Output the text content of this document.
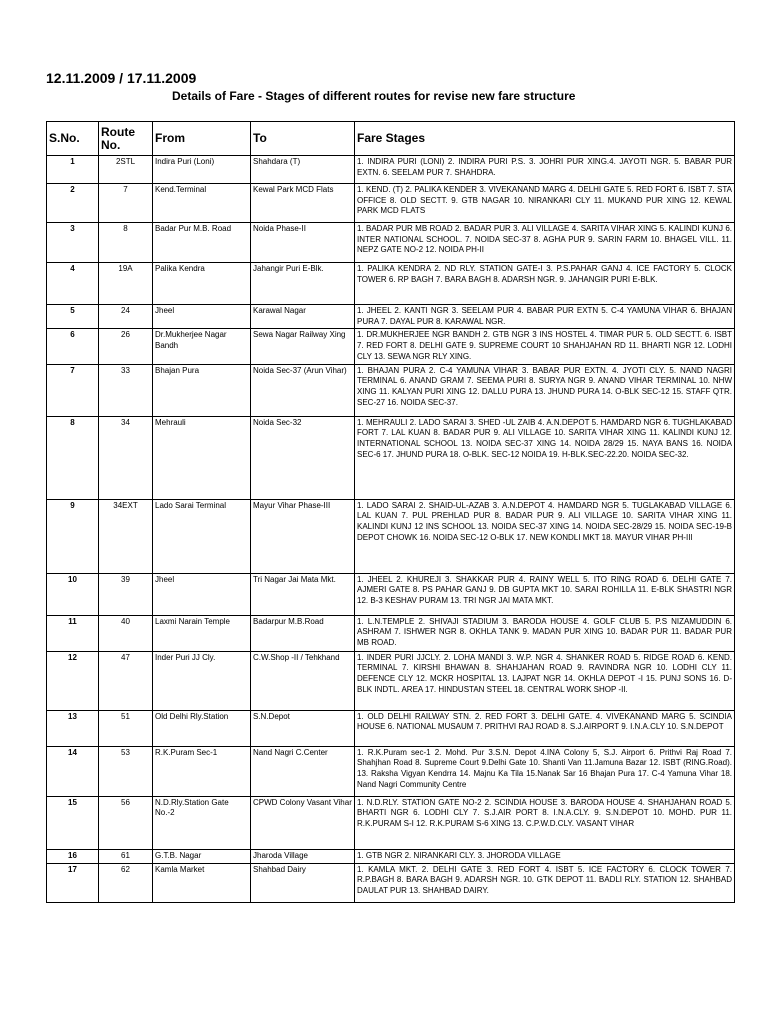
12.11.2009 / 17.11.2009
Details of Fare - Stages of different routes for revise new fare structure
S.No.	Route No.	From	To	Fare Stages
1	2STL	Indira Puri (Loni)	Shahdara (T)	1. INDIRA PURI (LONI) 2. INDIRA PURI P.S. 3. JOHRI PUR XING.4. JAYOTI NGR. 5. BABAR PUR EXTN. 6. SEELAM PUR 7. SHAHDRA.
2	7	Kend.Terminal	Kewal Park MCD Flats	1. KEND. (T) 2. PALIKA KENDER 3. VIVEKANAND MARG 4. DELHI GATE 5. RED FORT 6. ISBT 7. STA OFFICE 8. OLD SECTT. 9. GTB NAGAR 10. NIRANKARI CLY 11. MUKAND PUR XING 12. KEWAL PARK MCD FLATS
3	8	Badar Pur M.B. Road	Noida Phase-II	1. BADAR PUR MB ROAD 2. BADAR PUR 3. ALI VILLAGE 4. SARITA VIHAR XING 5. KALINDI KUNJ 6. INTER NATIONAL SCHOOL. 7. NOIDA SEC-37 8. AGHA PUR 9. SARIN FARM 10. BHAGEL VILL. 11. NEPZ GATE NO-2 12. NOIDA PH-II
4	19A	Palika Kendra	Jahangir Puri E-Blk.	1. PALIKA KENDRA 2. ND RLY. STATION GATE-I 3. P.S.PAHAR GANJ 4. ICE FACTORY 5. CLOCK TOWER 6. RP BAGH 7. BARA BAGH 8. ADARSH NGR. 9. JAHANGIR PURI E-BLK.
5	24	Jheel	Karawal Nagar	1. JHEEL 2. KANTI NGR 3. SEELAM PUR 4. BABAR PUR EXTN 5. C-4 YAMUNA VIHAR 6. BHAJAN PURA 7. DAYAL PUR 8. KARAWAL NGR.
6	26	Dr.Mukherjee Nagar Bandh	Sewa Nagar Railway Xing	1. DR.MUKHERJEE NGR BANDH 2. GTB NGR 3 INS HOSTEL 4. TIMAR PUR 5. OLD SECTT. 6. ISBT 7. RED FORT 8. DELHI GATE 9. SUPREME COURT 10 SHAHJAHAN RD 11. BHARTI NGR 12. LODHI CLY 13. SEWA NGR RLY XING.
7	33	Bhajan Pura	Noida Sec-37 (Arun Vihar)	1. BHAJAN PURA 2. C-4 YAMUNA VIHAR 3. BABAR PUR EXTN. 4. JYOTI CLY. 5. NAND NAGRI TERMINAL 6. ANAND GRAM 7. SEEMA PURI 8. SURYA NGR 9. ANAND VIHAR TERMINAL 10. NHW XING 11. KALYAN PURI XING 12. DALLU PURA 13. JHUND PURA 14. O-BLK SEC-12 15. STAFF QTR. SEC-27 16. NOIDA SEC-37.
8	34	Mehrauli	Noida Sec-32	1. MEHRAULI 2. LADO SARAI 3. SHED -UL ZAIB 4. A.N.DEPOT 5. HAMDARD NGR 6. TUGHLAKABAD FORT 7. LAL KUAN 8. BADAR PUR 9. ALI VILLAGE 10. SARITA VIHAR XING 11. KALINDI KUNJ 12. INTERNATIONAL SCHOOL 13. NOIDA SEC-37 XING 14. NOIDA 28/29 15. NAYA BANS 16. NOIDA SEC-6 17. JHUND PURA 18. O-BLK. SEC-12 NOIDA 19. H-BLK.SEC-22.20. NOIDA SEC-32.
9	34EXT	Lado Sarai Terminal	Mayur Vihar Phase-III	1. LADO SARAI 2. SHAID-UL-AZAB 3. A.N.DEPOT 4. HAMDARD NGR 5. TUGLAKABAD VILLAGE 6. LAL KUAN 7. PUL PREHLAD PUR 8. BADAR PUR 9. ALI VILLAGE 10. SARITA VIHAR XING 11. KALINDI KUNJ 12 INS SCHOOL 13. NOIDA SEC-37 XING 14. NOIDA SEC-28/29 15. NOIDA SEC-19-B DEPOT CHOWK 16. NOIDA SEC-12 O-BLK 17. NEW KONDLI MKT 18. MAYUR VIHAR PH-III
10	39	Jheel	Tri Nagar Jai Mata Mkt.	1. JHEEL 2. KHUREJI 3. SHAKKAR PUR 4. RAINY WELL 5. ITO RING ROAD 6. DELHI GATE 7. AJMERI GATE 8. PS PAHAR GANJ 9. DB GUPTA MKT 10. SARAI ROHILLA 11. E-BLK SHASTRI NGR 12. B-3 KESHAV PURAM 13. TRI NGR JAI MATA MKT.
11	40	Laxmi Narain Temple	Badarpur M.B.Road	1. L.N.TEMPLE 2. SHIVAJI STADIUM 3. BARODA HOUSE 4. GOLF CLUB 5. P.S NIZAMUDDIN 6. ASHRAM 7. ISHWER NGR 8. OKHLA TANK 9. MADAN PUR XING 10. BADAR PUR 11. BADAR PUR MB ROAD.
12	47	Inder Puri JJ Cly.	C.W.Shop -II / Tehkhand	1. INDER PURI JJCLY. 2. LOHA MANDI 3. W.P. NGR 4. SHANKER ROAD 5. RIDGE ROAD 6. KEND. TERMINAL 7. KIRSHI BHAWAN 8. SHAHJAHAN ROAD 9. RAVINDRA NGR 10. LODHI CLY 11. DEFENCE CLY 12. MCKR HOSPITAL 13. LAJPAT NGR 14. OKHLA DEPOT -I 15. PUNJ SONS 16. D-BLK INDTL. AREA 17. HINDUSTAN STEEL 18. CENTRAL WORK SHOP -II.
13	51	Old Delhi Rly.Station	S.N.Depot	1. OLD DELHI RAILWAY STN. 2. RED FORT 3. DELHI GATE. 4. VIVEKANAND MARG 5. SCINDIA HOUSE 6. NATIONAL MUSAUM 7. PRITHVI RAJ ROAD 8. S.J.AIRPORT 9. I.N.A.CLY 10. S.N.DEPOT
14	53	R.K.Puram Sec-1	Nand Nagri C.Center	1. R.K.Puram sec-1 2. Mohd. Pur 3.S.N. Depot 4.INA Colony 5, S.J. Airport 6. Prithvi Raj Road 7. Shahjhan Road 8. Supreme Court 9.Delhi Gate 10. Shanti Van 11.Jamuna Bazar 12. ISBT (RING.Road). 13. Raksha Vigyan Kendrra 14. Majnu Ka Tila 15.Nanak Sar 16 Bhajan Pura 17. C-4 Yamuna Vihar 18. Nand Nagri Community Centre
15	56	N.D.Rly.Station Gate No.-2	CPWD Colony Vasant Vihar	1. N.D.RLY. STATION GATE NO-2 2. SCINDIA HOUSE 3. BARODA HOUSE 4. SHAHJAHAN ROAD 5. BHARTI NGR 6. LODHI CLY 7. S.J.AIR PORT 8. I.N.A.CLY. 9. S.N.DEPOT 10. MOHD. PUR 11. R.K.PURAM S-I 12. R.K.PURAM S-6 XING 13. C.P.W.D.CLY. VASANT VIHAR
16	61	G.T.B. Nagar	Jharoda Village	1. GTB NGR 2. NIRANKARI CLY. 3. JHORODA VILLAGE
17	62	Kamla Market	Shahbad Dairy	1. KAMLA MKT. 2. DELHI GATE 3. RED FORT 4. ISBT 5. ICE FACTORY 6. CLOCK TOWER 7. R.P.BAGH 8. BARA BAGH 9. ADARSH NGR. 10. GTK DEPOT 11. BADLI RLY. STATION 12. SHAHBAD DAULAT PUR 13. SHAHBAD DAIRY.
